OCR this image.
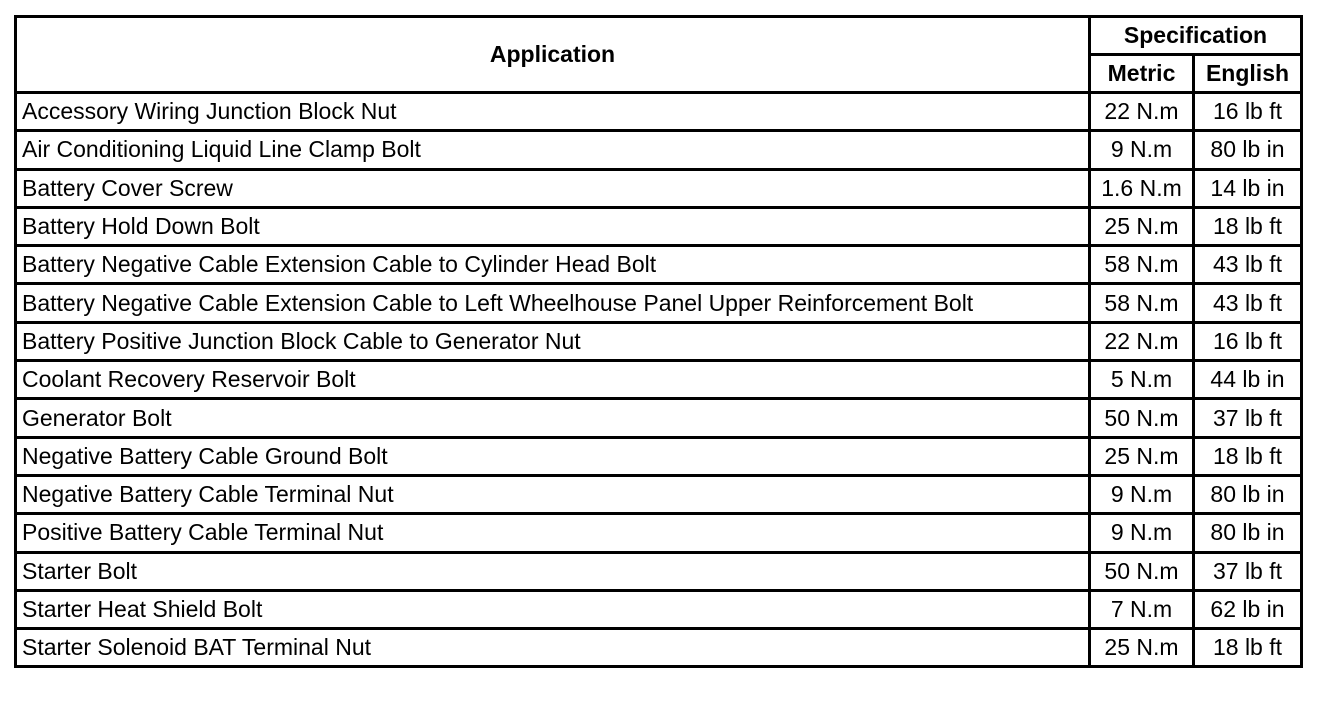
Application	Specification	
	Metric	English
Accessory Wiring Junction Block Nut	22 N.m	16 lb ft
Air Conditioning Liquid Line Clamp Bolt	9 N.m	80 lb in
Battery Cover Screw	1.6 N.m	14 lb in
Battery Hold Down Bolt	25 N.m	18 lb ft
Battery Negative Cable Extension Cable to Cylinder Head Bolt	58 N.m	43 lb ft
Battery Negative Cable Extension Cable to Left Wheelhouse Panel Upper Reinforcement Bolt	58 N.m	43 lb ft
Battery Positive Junction Block Cable to Generator Nut	22 N.m	16 lb ft
Coolant Recovery Reservoir Bolt	5 N.m	44 lb in
Generator Bolt	50 N.m	37 lb ft
Negative Battery Cable Ground Bolt	25 N.m	18 lb ft
Negative Battery Cable Terminal Nut	9 N.m	80 lb in
Positive Battery Cable Terminal Nut	9 N.m	80 lb in
Starter Bolt	50 N.m	37 lb ft
Starter Heat Shield Bolt	7 N.m	62 lb in
Starter Solenoid BAT Terminal Nut	25 N.m	18 lb ft
